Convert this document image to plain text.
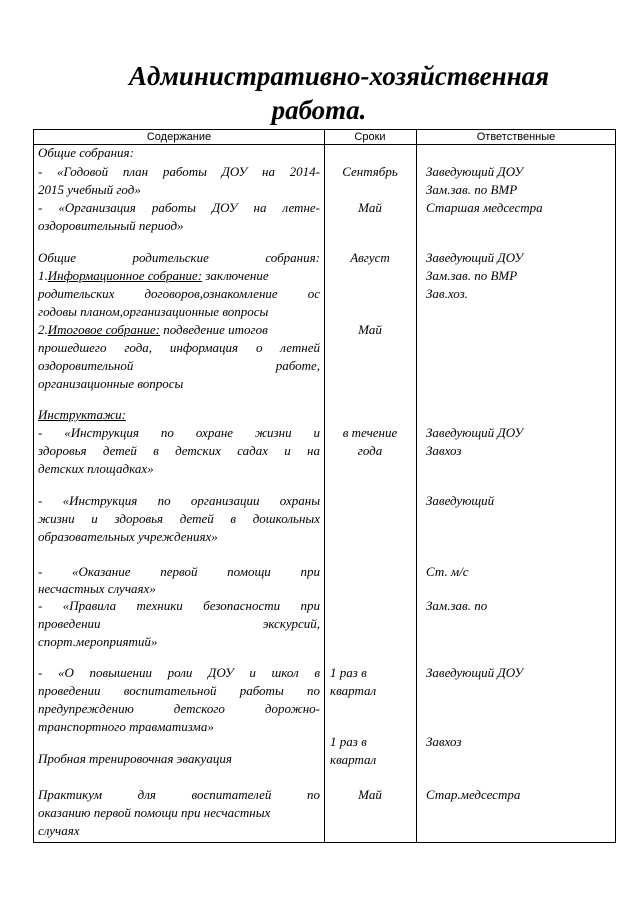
Административно-хозяйственная
работа.
Содержание	Сроки	Ответственные
Общие собрания:
- «Годовой план работы ДОУ на 2014-
2015 учебный год»
- «Организация работы ДОУ на летне-
оздоровительный период»
Общие родительские собрания:
1.Информационное собрание: заключение
родительских договоров,ознакомление ос
годовы планом,организационные вопросы
2.Итоговое собрание: подведение итогов
прошедшего года, информация о летней
оздоровительной работе,
организационные вопросы
Инструктажи:
- «Инструкция по охране жизни и
здоровья детей в детских садах и на
детских площадках»
- «Инструкция по организации охраны
жизни и здоровья детей в дошкольных
образовательных учреждениях»
- «Оказание первой помощи при
несчастных случаях»
- «Правила техники безопасности при
проведении экскурсий,
спорт.мероприятий»
- «О повышении роли ДОУ и школ в
проведении воспитательной работы по
предупреждению детского дорожно-
транспортного травматизма»
Пробная тренировочная эвакуация
Практикум для воспитателей по
оказанию первой помощи при несчастных
случаях
Сентябрь
Май
Август
Май
в течение
года
1 раз в
квартал
1 раз в
квартал
Май
Заведующий ДОУ
Зам.зав. по ВМР
Старшая медсестра
Заведующий ДОУ
Зам.зав. по ВМР
Зав.хоз.
Заведующий ДОУ
Завхоз
Заведующий
Ст. м/с
Зам.зав. по
Заведующий ДОУ
Завхоз
Стар.медсестра
